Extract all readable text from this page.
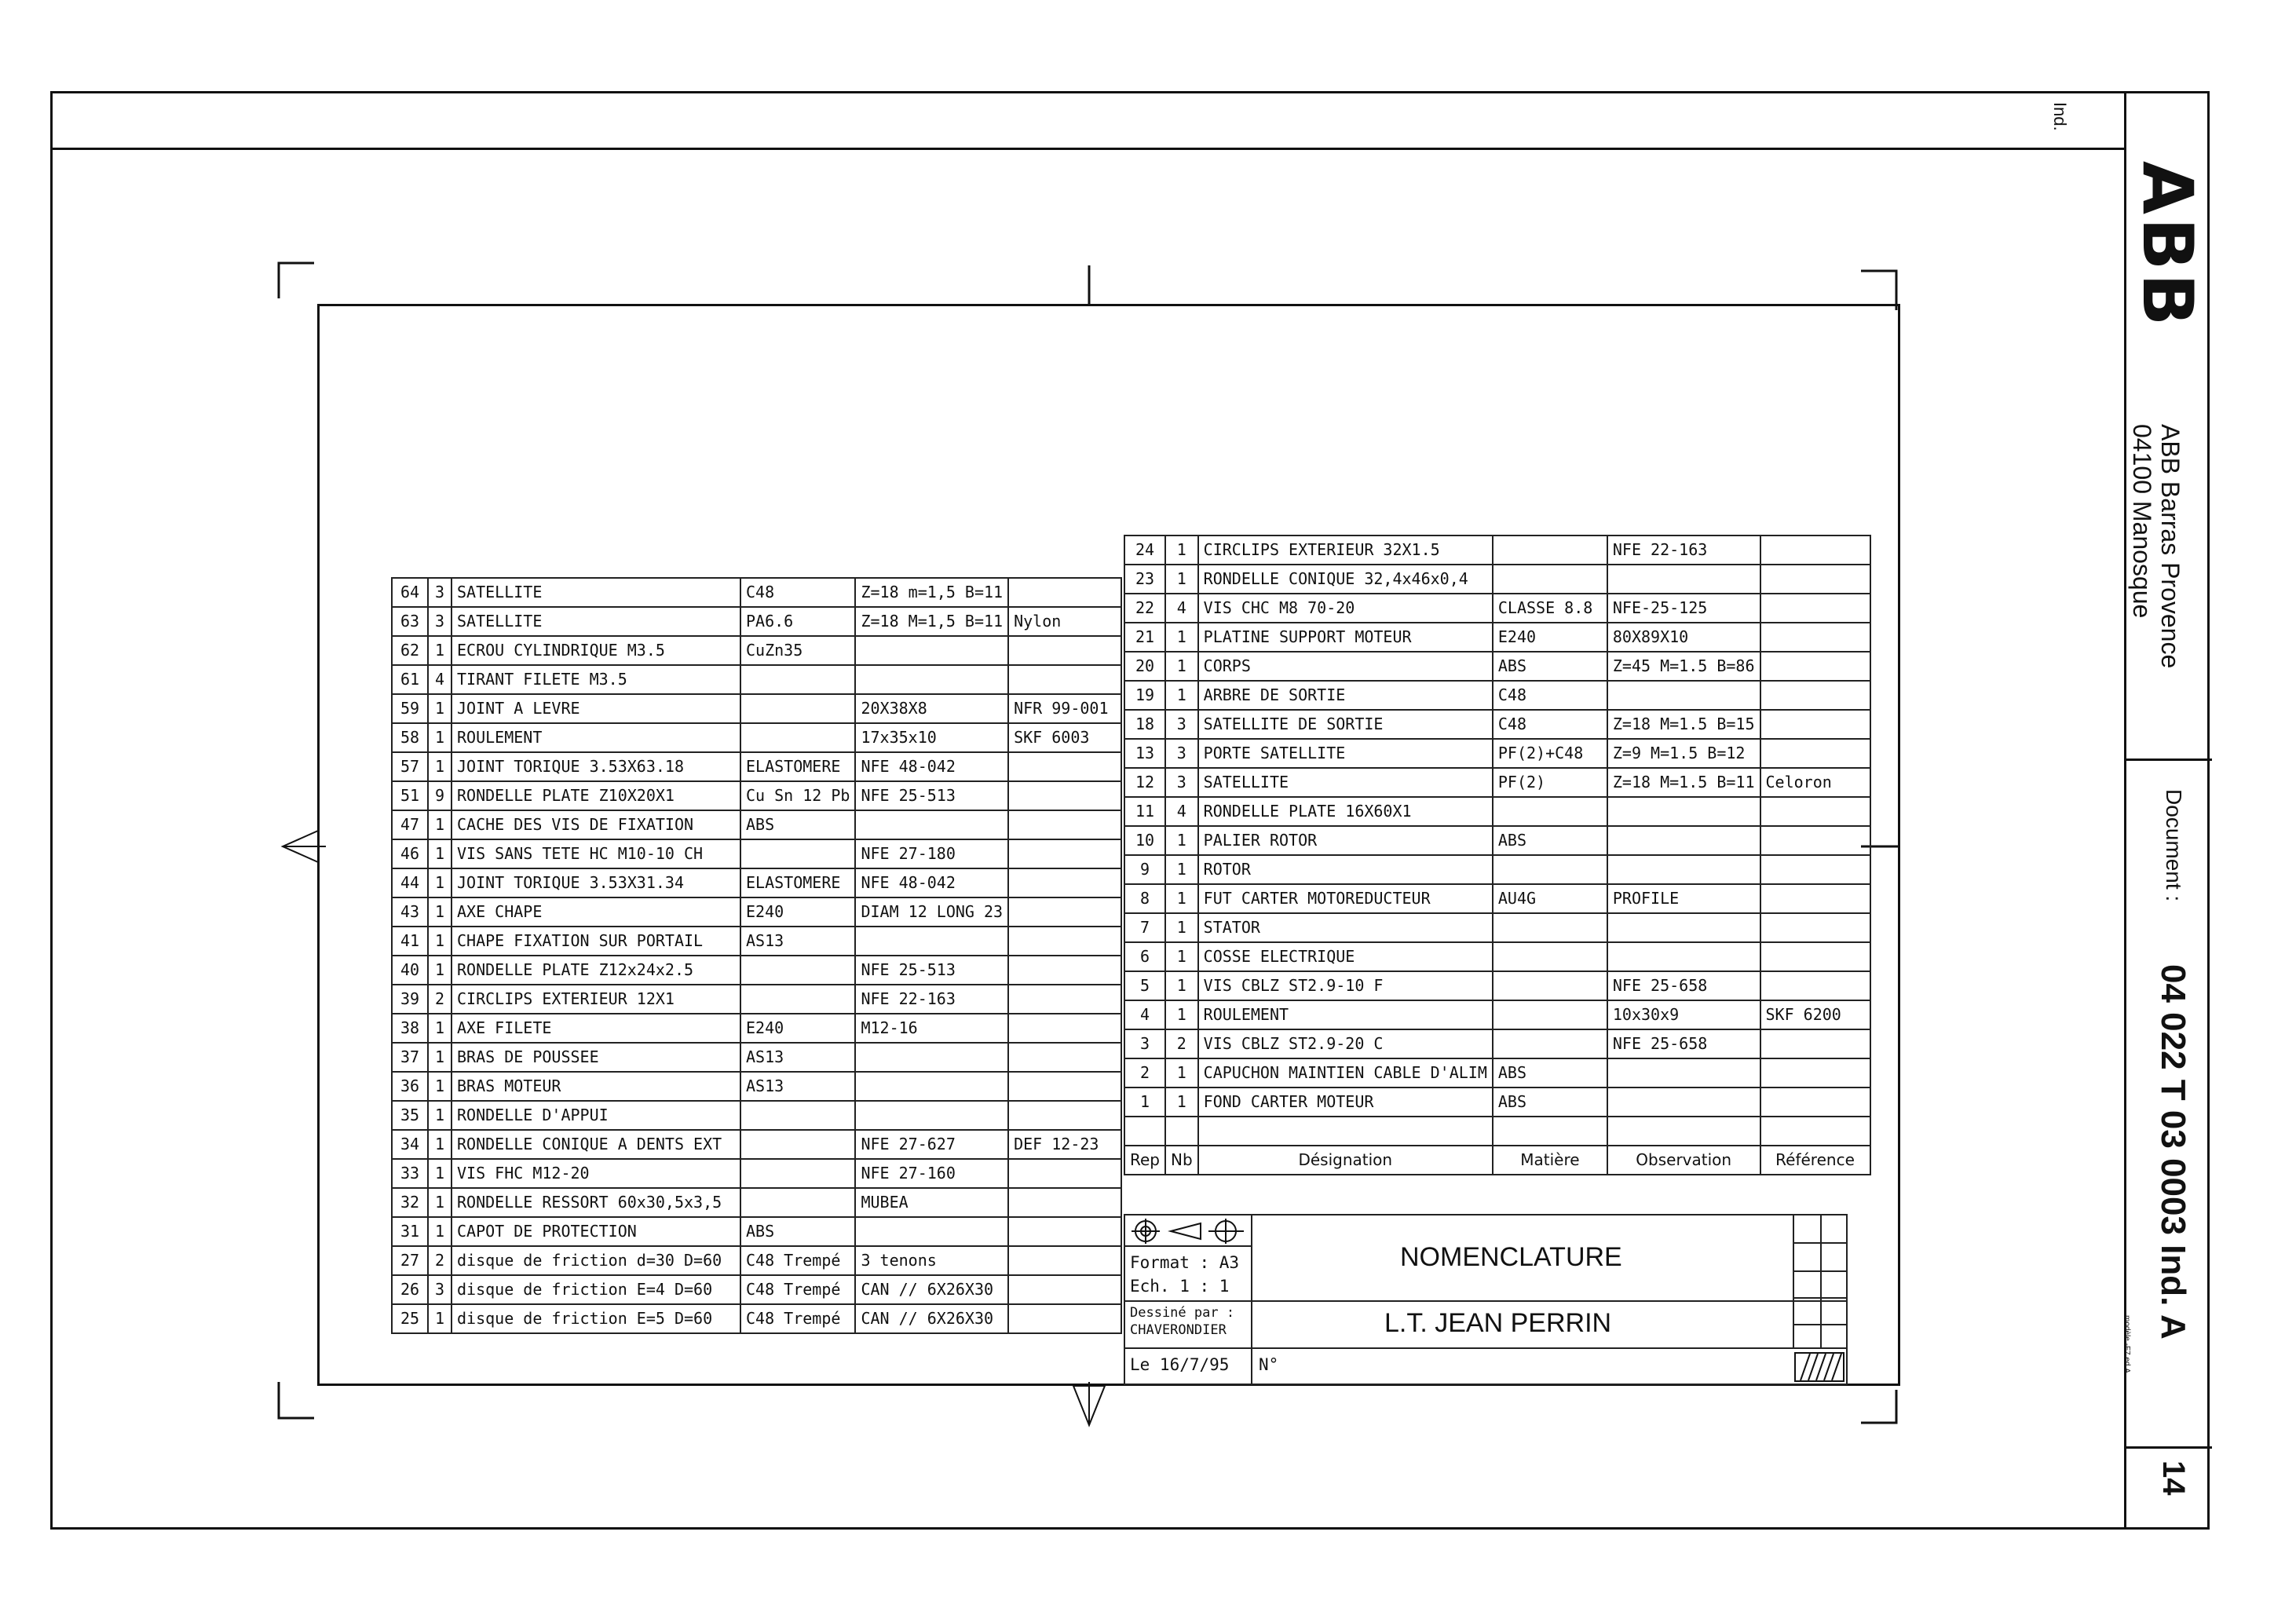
Ind.
ABB
ABB Barras Provence
04100 Manosque
Document :
04 022 T 03 0003 Ind. A
modèle -F7 ed.A
14
64	3	SATELLITE	C48	Z=18 m=1,5 B=11	
63	3	SATELLITE	PA6.6	Z=18 M=1,5 B=11	Nylon
62	1	ECROU CYLINDRIQUE M3.5	CuZn35		
61	4	TIRANT FILETE M3.5			
59	1	JOINT A LEVRE		20X38X8	NFR 99-001
58	1	ROULEMENT		17x35x10	SKF 6003
57	1	JOINT TORIQUE 3.53X63.18	ELASTOMERE	NFE 48-042	
51	9	RONDELLE PLATE Z10X20X1	Cu Sn 12 Pb	NFE 25-513	
47	1	CACHE DES VIS DE FIXATION	ABS		
46	1	VIS SANS TETE HC M10-10 CH		NFE 27-180	
44	1	JOINT TORIQUE 3.53X31.34	ELASTOMERE	NFE 48-042	
43	1	AXE CHAPE	E240	DIAM 12 LONG 23	
41	1	CHAPE FIXATION SUR PORTAIL	AS13		
40	1	RONDELLE PLATE Z12x24x2.5		NFE 25-513	
39	2	CIRCLIPS EXTERIEUR 12X1		NFE 22-163	
38	1	AXE FILETE	E240	M12-16	
37	1	BRAS DE POUSSEE	AS13		
36	1	BRAS MOTEUR	AS13		
35	1	RONDELLE D'APPUI			
34	1	RONDELLE CONIQUE A DENTS EXT		NFE 27-627	DEF 12-23
33	1	VIS FHC M12-20		NFE 27-160	
32	1	RONDELLE RESSORT 60x30,5x3,5		MUBEA	
31	1	CAPOT DE PROTECTION	ABS		
27	2	disque de friction d=30 D=60	C48 Trempé	3 tenons	
26	3	disque de friction E=4 D=60	C48 Trempé	CAN // 6X26X30	
25	1	disque de friction E=5 D=60	C48 Trempé	CAN // 6X26X30	
24	1	CIRCLIPS EXTERIEUR 32X1.5		NFE 22-163	
23	1	RONDELLE CONIQUE 32,4x46x0,4			
22	4	VIS CHC M8 70-20	CLASSE 8.8	NFE-25-125	
21	1	PLATINE SUPPORT MOTEUR	E240	80X89X10	
20	1	CORPS	ABS	Z=45 M=1.5 B=86	
19	1	ARBRE DE SORTIE	C48		
18	3	SATELLITE DE SORTIE	C48	Z=18 M=1.5 B=15	
13	3	PORTE SATELLITE	PF(2)+C48	Z=9 M=1.5 B=12	
12	3	SATELLITE	PF(2)	Z=18 M=1.5 B=11	Celoron
11	4	RONDELLE PLATE 16X60X1			
10	1	PALIER ROTOR	ABS		
9	1	ROTOR			
8	1	FUT CARTER MOTOREDUCTEUR	AU4G	PROFILE	
7	1	STATOR			
6	1	COSSE ELECTRIQUE			
5	1	VIS CBLZ ST2.9-10 F		NFE 25-658	
4	1	ROULEMENT		10x30x9	SKF 6200
3	2	VIS CBLZ ST2.9-20 C		NFE 25-658	
2	1	CAPUCHON MAINTIEN CABLE D'ALIM	ABS		
1	1	FOND CARTER MOTEUR	ABS		

Rep	Nb	Désignation	Matière	Observation	Référence
Format : A3
Ech. 1 : 1
Dessiné par :
CHAVERONDIER
Le 16/7/95 N°
NOMENCLATURE
L.T. JEAN PERRIN
